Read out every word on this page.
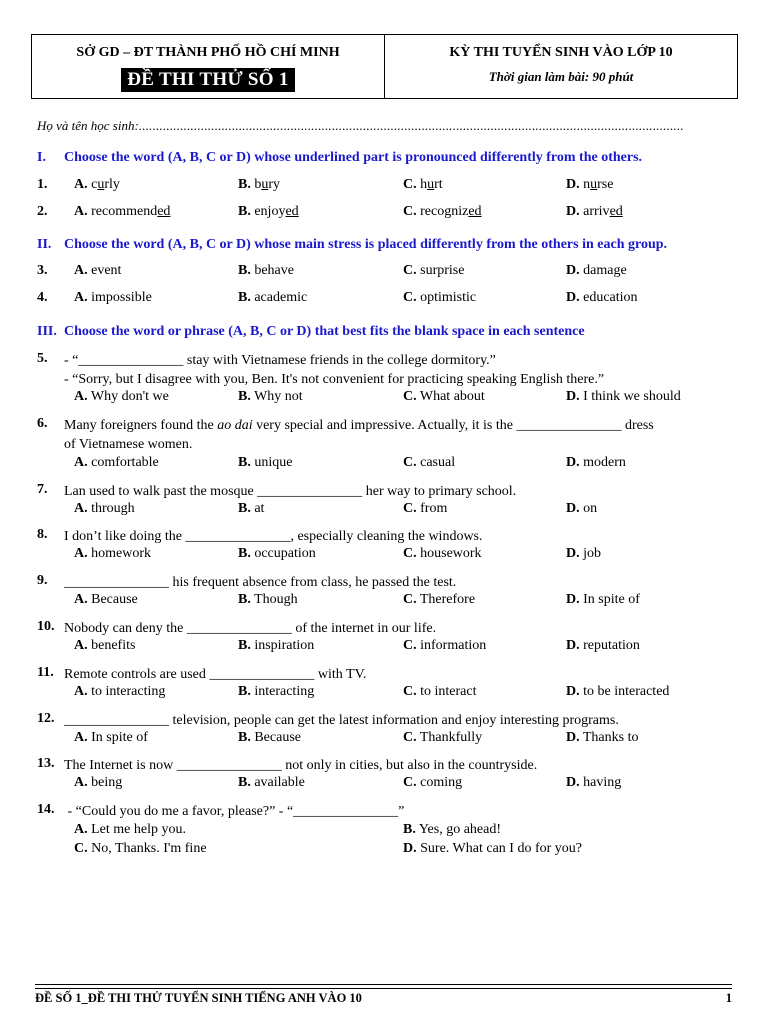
SỞ GD – ĐT THÀNH PHỐ HỒ CHÍ MINH
ĐỀ THI THỬ SỐ 1
KỲ THI TUYỂN SINH VÀO LỚP 10
Thời gian làm bài: 90 phút
Họ và tên học sinh:..............................................................................................................................................................
I.	Choose the word (A, B, C or D) whose underlined part is pronounced differently from the others.
1. A. curly	B. bury	C. hurt	D. nurse
2. A. recommended	B. enjoyed	C. recognized	D. arrived
II. Choose the word (A, B, C or D) whose main stress is placed differently from the others in each group.
3. A. event	B. behave	C. surprise	D. damage
4. A. impossible	B. academic	C. optimistic	D. education
III. Choose the word or phrase (A, B, C or D) that best fits the blank space in each sentence
5. - “_______________ stay with Vietnamese friends in the college dormitory.”
- “Sorry, but I disagree with you, Ben. It's not convenient for practicing speaking English there.”
A. Why don't we	B. Why not	C. What about	D. I think we should
6. Many foreigners found the ao dai very special and impressive. Actually, it is the _______________ dress
of Vietnamese women.
A. comfortable	B. unique	C. casual	D. modern
7. Lan used to walk past the mosque _______________ her way to primary school.
A. through	B. at	C. from	D. on
8. I don’t like doing the _______________, especially cleaning the windows.
A. homework	B. occupation	C. housework	D. job
9. _______________ his frequent absence from class, he passed the test.
A. Because	B. Though	C. Therefore	D. In spite of
10. Nobody can deny the _______________ of the internet in our life.
A. benefits	B. inspiration	C. information	D. reputation
11. Remote controls are used _______________ with TV.
A. to interacting	B. interacting	C. to interact	D. to be interacted
12. _______________ television, people can get the latest information and enjoy interesting programs.
A. In spite of	B. Because	C. Thankfully	D. Thanks to
13. The Internet is now _______________ not only in cities, but also in the countryside.
A. being	B. available	C. coming	D. having
14. - “Could you do me a favor, please?” - “_______________”
A. Let me help you.	B. Yes, go ahead!
C. No, Thanks. I'm fine	D. Sure. What can I do for you?
ĐỀ SỐ 1_ĐỀ THI THỬ TUYỂN SINH TIẾNG ANH VÀO 10	1
